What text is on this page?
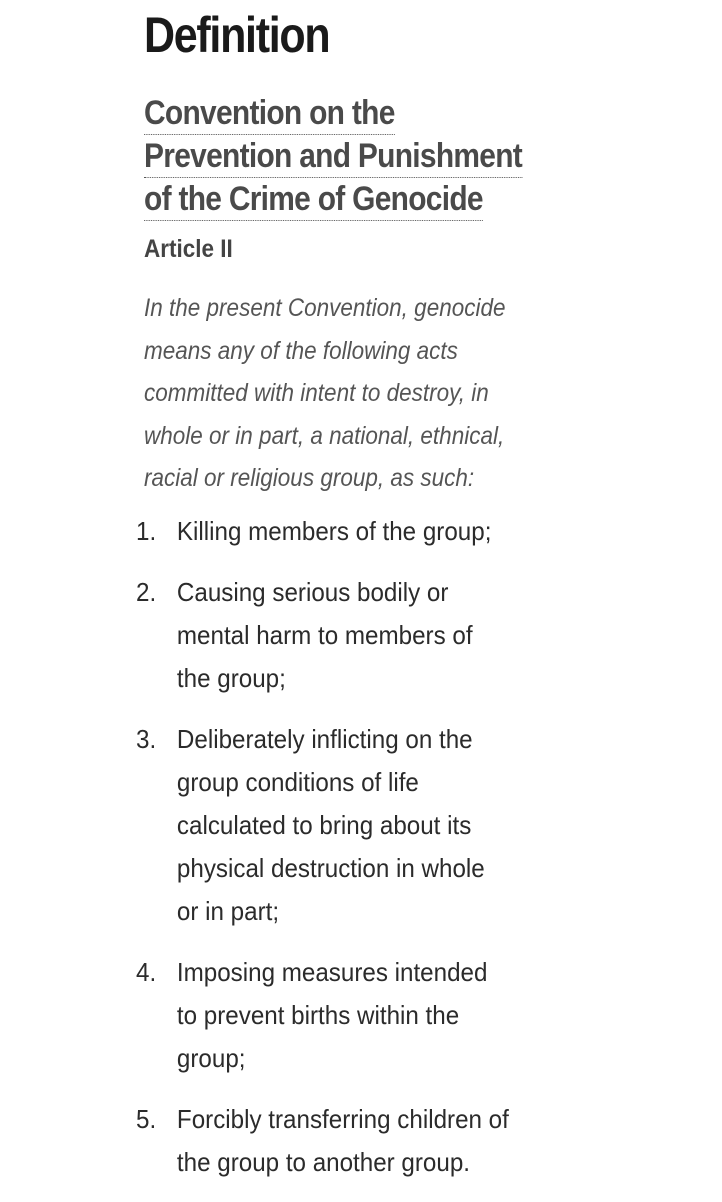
Definition
Convention on the
Prevention and Punishment
of the Crime of Genocide
Article II
In the present Convention, genocide
means any of the following acts
committed with intent to destroy, in
whole or in part, a national, ethnical,
racial or religious group, as such:
1. Killing members of the group;
2. Causing serious bodily or
mental harm to members of
the group;
3. Deliberately inflicting on the
group conditions of life
calculated to bring about its
physical destruction in whole
or in part;
4. Imposing measures intended
to prevent births within the
group;
5. Forcibly transferring children of
the group to another group.
